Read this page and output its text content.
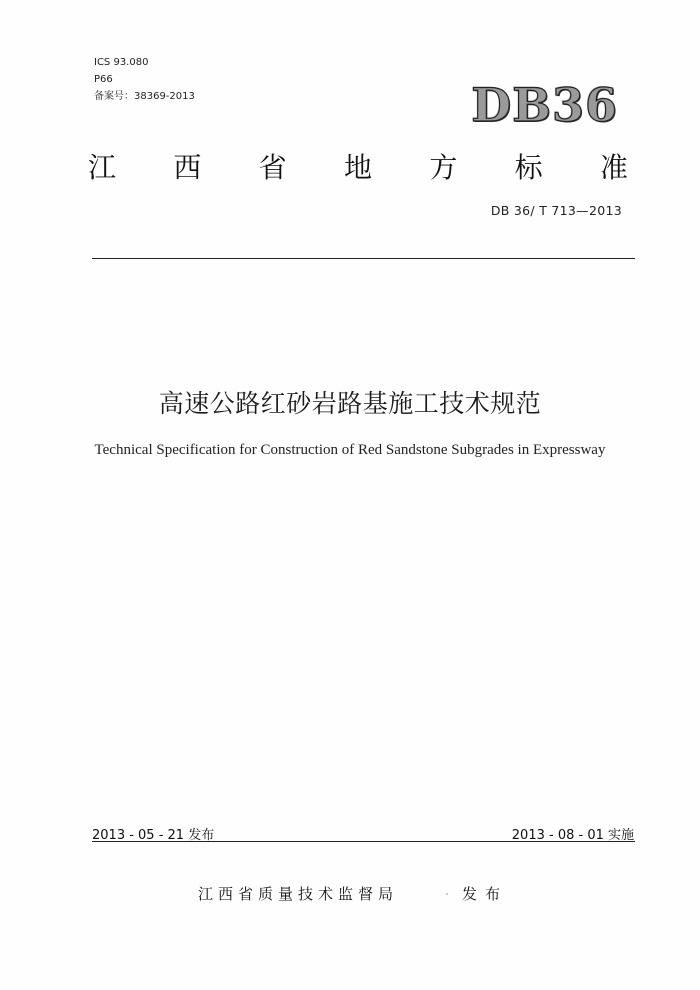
ICS 93.080
P66
备案号：38369-2013	DB36
江 西 省 地 方 标 准
DB 36/ T 713—2013
高速公路红砂岩路基施工技术规范
Technical Specification for Construction of Red Sandstone Subgrades in Expressway
2013 - 05 - 21 发布	2013 - 08 - 01 实施
江西省质量技术监督局	发布
